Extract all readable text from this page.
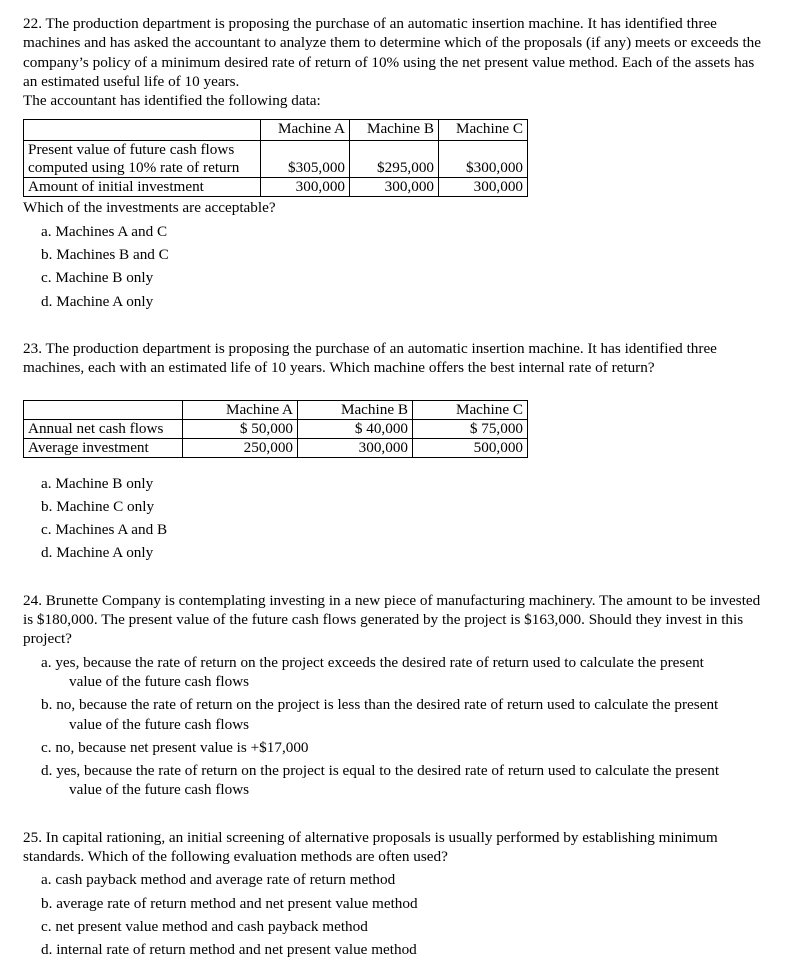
22. The production department is proposing the purchase of an automatic insertion machine. It has identified three
machines and has asked the accountant to analyze them to determine which of the proposals (if any) meets or exceeds the
company’s policy of a minimum desired rate of return of 10% using the net present value method. Each of the assets has
an estimated useful life of 10 years.
The accountant has identified the following data:
	Machine A	Machine B	Machine C

Present value of future cash flows
computed using 10% rate of return	$305,000	$295,000	$300,000
Amount of initial investment	300,000	300,000	300,000
Which of the investments are acceptable?
a. Machines A and C
b. Machines B and C
c. Machine B only
d. Machine A only
23. The production department is proposing the purchase of an automatic insertion machine. It has identified three
machines, each with an estimated life of 10 years. Which machine offers the best internal rate of return?
	Machine A	Machine B	Machine C
Annual net cash flows	$ 50,000	$ 40,000	$ 75,000
Average investment	250,000	300,000	500,000
a. Machine B only
b. Machine C only
c. Machines A and B
d. Machine A only
24. Brunette Company is contemplating investing in a new piece of manufacturing machinery. The amount to be invested
is $180,000. The present value of the future cash flows generated by the project is $163,000. Should they invest in this
project?
a. yes, because the rate of return on the project exceeds the desired rate of return used to calculate the present
value of the future cash flows
b. no, because the rate of return on the project is less than the desired rate of return used to calculate the present
value of the future cash flows
c. no, because net present value is +$17,000
d. yes, because the rate of return on the project is equal to the desired rate of return used to calculate the present
value of the future cash flows
25. In capital rationing, an initial screening of alternative proposals is usually performed by establishing minimum
standards. Which of the following evaluation methods are often used?
a. cash payback method and average rate of return method
b. average rate of return method and net present value method
c. net present value method and cash payback method
d. internal rate of return method and net present value method
